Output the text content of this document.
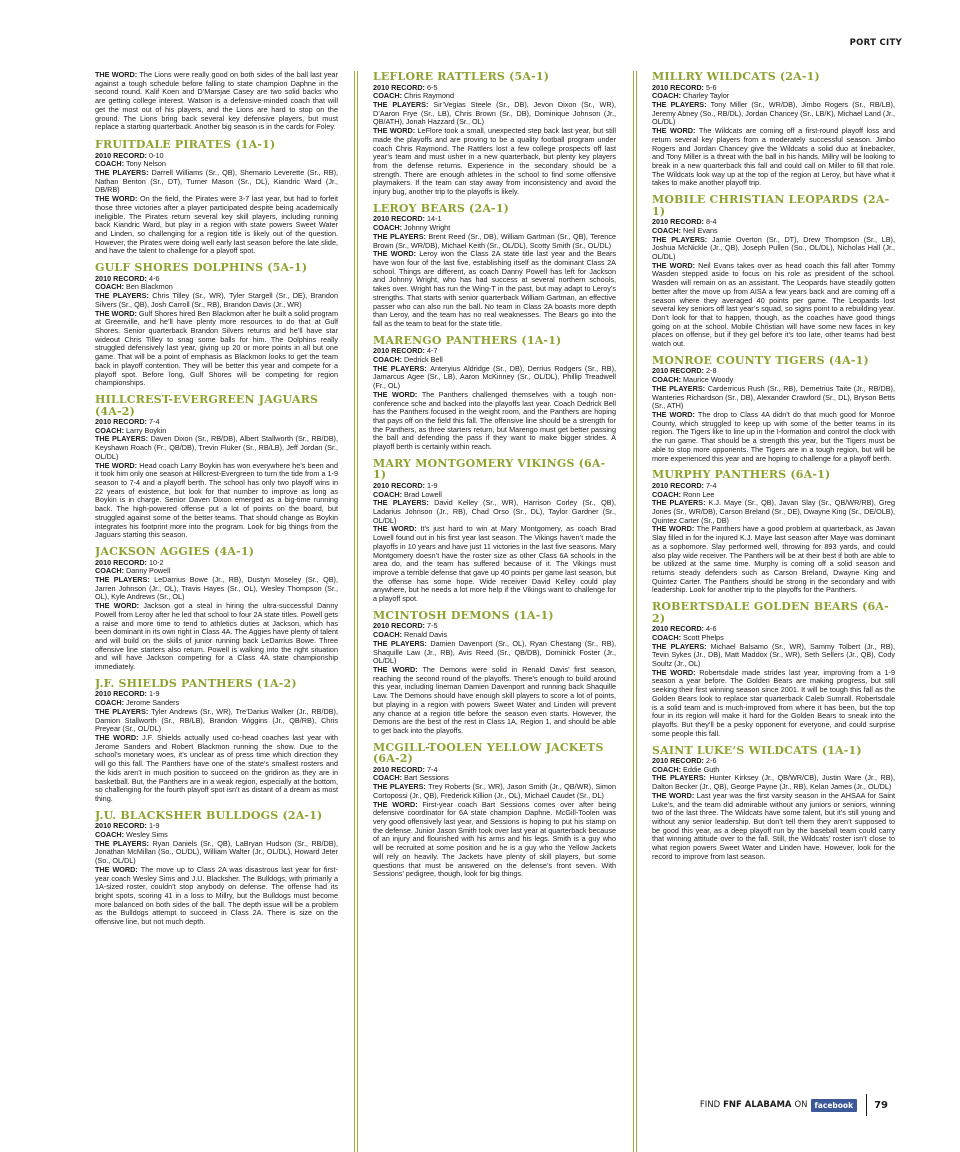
PORT CITY

THE WORD: The Lions were really good on both sides of the ball last year against a tough schedule before falling to state champion Daphne in the second round. Kalif Koen and D’Marsjae Casey are two solid backs who are getting college interest. Watson is a defensive-minded coach that will get the most out of his players, and the Lions are hard to stop on the ground. The Lions bring back several key defensive players, but must replace a starting quarterback. Another big season is in the cards for Foley.

FRUITDALE PIRATES (1A-1)

2010 RECORD: 0-10

COACH: Tony Nelson

THE PLAYERS: Darrell Williams (Sr., QB), Shemario Leverette (Sr., RB), Nathan Benton (Sr., DT), Turner Mason (Sr., DL), Kiandric Ward (Jr., DB/RB)

THE WORD: On the field, the Pirates were 3-7 last year, but had to forfeit those three victories after a player participated despite being academically ineligible. The Pirates return several key skill players, including running back Kiandric Ward, but play in a region with state powers Sweet Water and Linden, so challenging for a region title is likely out of the question. However, the Pirates were doing well early last season before the late slide, and have the talent to challenge for a playoff spot.

GULF SHORES DOLPHINS (5A-1)

2010 RECORD: 4-6

COACH: Ben Blackmon

THE PLAYERS: Chris Tilley (Sr., WR), Tyler Stargell (Sr., DE), Brandon Silvers (Sr., QB), Josh Carroll (Sr., RB), Brandon Davis (Jr., WR)

THE WORD: Gulf Shores hired Ben Blackmon after he built a solid program at Greenville, and he’ll have plenty more resources to do that at Gulf Shores. Senior quarterback Brandon Silvers returns and he’ll have star wideout Chris Tilley to snag some balls for him. The Dolphins really struggled defensively last year, giving up 20 or more points in all but one game. That will be a point of emphasis as Blackmon looks to get the team back in playoff contention. They will be better this year and compete for a playoff spot. Before long, Gulf Shores will be competing for region championships.

HILLCREST-EVERGREEN JAGUARS (4A-2)

2010 RECORD: 7-4

COACH: Larry Boykin

THE PLAYERS: Daven Dixon (Sr., RB/DB), Albert Stallworth (Sr., RB/DB), Keyshawn Roach (Fr., QB/DB), Trevin Fluker (Sr., RB/LB), Jeff Jordan (Sr., OL/DL)

THE WORD: Head coach Larry Boykin has won everywhere he’s been and it took him only one season at Hillcrest-Evergreen to turn the tide from a 1-9 season to 7-4 and a playoff berth. The school has only two playoff wins in 22 years of existence, but look for that number to improve as long as Boykin is in charge. Senior Daven Dixon emerged as a big-time running back. The high-powered offense put a lot of points on the board, but struggled against some of the better teams. That should change as Boykin integrates his footprint more into the program. Look for big things from the Jaguars starting this season.

JACKSON AGGIES (4A-1)

2010 RECORD: 10-2

COACH: Danny Powell

THE PLAYERS: LeDarrius Bowe (Jr., RB), Dustyn Moseley (Sr., QB), Jarren Johnson (Jr., OL), Travis Hayes (Sr., OL), Wesley Thompson (Sr., OL), Kyle Andrews (Sr., OL)

THE WORD: Jackson got a steal in hiring the ultra-successful Danny Powell from Leroy after he led that school to four 2A state titles. Powell gets a raise and more time to tend to athletics duties at Jackson, which has been dominant in its own right in Class 4A. The Aggies have plenty of talent and will build on the skills of junior running back LeDarrius Bowe. Three offensive line starters also return. Powell is walking into the right situation and will have Jackson competing for a Class 4A state championship immediately.

J.F. SHIELDS PANTHERS (1A-2)

2010 RECORD: 1-9

COACH: Jerome Sanders

THE PLAYERS: Tyler Andrews (Sr., WR), Tre’Darius Walker (Jr., RB/DB), Damion Stallworth (Sr., RB/LB), Brandon Wiggins (Jr., QB/RB), Chris Preyear (Sr., OL/DL)

THE WORD: J.F. Shields actually used co-head coaches last year with Jerome Sanders and Robert Blackmon running the show. Due to the school’s monetary woes, it’s unclear as of press time which direction they will go this fall. The Panthers have one of the state’s smallest rosters and the kids aren’t in much position to succeed on the gridiron as they are in basketball. But, the Panthers are in a weak region, especially at the bottom, so challenging for the fourth playoff spot isn’t as distant of a dream as most thing.

J.U. BLACKSHER BULLDOGS (2A-1)

2010 RECORD: 1-9

COACH: Wesley Sims

THE PLAYERS: Ryan Daniels (Sr., QB), LaBryan Hudson (Sr., RB/DB), Jonathan McMillan (So., OL/DL), William Walter (Jr., OL/DL), Howard Jeter (So., OL/DL)

THE WORD: The move up to Class 2A was disastrous last year for first-year coach Wesley Sims and J.U. Blacksher. The Bulldogs, with primarily a 1A-sized roster, couldn’t stop anybody on defense. The offense had its bright spots, scoring 41 in a loss to Millry, but the Bulldogs must become more balanced on both sides of the ball. The depth issue will be a problem as the Bulldogs attempt to succeed in Class 2A. There is size on the offensive line, but not much depth.

LEFLORE RATTLERS (5A-1)

2010 RECORD: 6-5

COACH: Chris Raymond

THE PLAYERS: Sir’Vegias Steele (Sr., DB), Jevon Dixon (Sr., WR), D’Aaron Frye (Sr., LB), Chris Brown (Sr., DB), Dominique Johnson (Jr., QB/ATH), Jonah Hazzard (Sr., OL)

THE WORD: LeFlore took a small, unexpected step back last year, but still made the playoffs and are proving to be a quality football program under coach Chris Raymond. The Rattlers lost a few college prospects off last year’s team and must usher in a new quarterback, but plenty key players from the defense returns. Experience in the secondary should be a strength. There are enough athletes in the school to find some offensive playmakers. If the team can stay away from inconsistency and avoid the injury bug, another trip to the playoffs is likely.

LEROY BEARS (2A-1)

2010 RECORD: 14-1

COACH: Johnny Wright

THE PLAYERS: Brent Reed (Sr., DB), William Gartman (Sr., QB), Terence Brown (Sr., WR/DB), Michael Keith (Sr., OL/DL), Scotty Smith (Sr., OL/DL)

THE WORD: Leroy won the Class 2A state title last year and the Bears have won four of the last five, establishing itself as the dominant Class 2A school. Things are different, as coach Danny Powell has left for Jackson and Johnny Wright, who has had success at several northern schools, takes over. Wright has run the Wing-T in the past, but may adapt to Leroy’s strengths. That starts with senior quarterback William Gartman, an effective passer who can also run the ball. No team in Class 2A boasts more depth than Leroy, and the team has no real weaknesses. The Bears go into the fall as the team to beat for the state title.

MARENGO PANTHERS (1A-1)

2010 RECORD: 4-7

COACH: Dedrick Bell

THE PLAYERS: Anteryius Aldridge (Sr., DB), Derrius Rodgers (Sr., RB), Jamarcus Agee (Sr., LB), Aaron McKinney (Sr., OL/DL), Phillip Treadwell (Fr., OL)

THE WORD: The Panthers challenged themselves with a tough non-conference sche and backed into the playoffs last year. Coach Dedrick Bell has the Panthers focused in the weight room, and the Panthers are hoping that pays off on the field this fall. The offensive line should be a strength for the Panthers, as three starters return, but Marengo must get better passing the ball and defending the pass if they want to make bigger strides. A playoff berth is certainly within reach.

MARY MONTGOMERY VIKINGS (6A-1)

2010 RECORD: 1-9

COACH: Brad Lowell

THE PLAYERS: David Kelley (Sr., WR), Harrison Corley (Sr., QB), Ladarius Johnson (Jr., RB), Chad Orso (Sr., DL), Taylor Gardner (Sr., OL/DL)

THE WORD: It’s just hard to win at Mary Montgomery, as coach Brad Lowell found out in his first year last season. The Vikings haven’t made the playoffs in 10 years and have just 11 victories in the last five seasons. Mary Montgomery doesn’t have the roster size as other Class 6A schools in the area do, and the team has suffered because of it. The Vikings must improve a terrible defense that gave up 40 points per game last season, but the offense has some hope. Wide receiver David Kelley could play anywhere, but he needs a lot more help if the Vikings want to challenge for a playoff spot.

MCINTOSH DEMONS (1A-1)

2010 RECORD: 7-5

COACH: Renald Davis

THE PLAYERS: Damien Davenport (Sr., OL), Ryan Chestang (Sr., RB), Shaquille Law (Jr., RB), Avis Reed (Sr., QB/DB), Dominick Foster (Jr., OL/DL)

THE WORD: The Demons were solid in Renald Davis’ first season, reaching the second round of the playoffs. There’s enough to build around this year, including lineman Damien Davenport and running back Shaquille Law. The Demons should have enough skill players to score a lot of points, but playing in a region with powers Sweet Water and Linden will prevent any chance at a region title before the season even starts. However, the Demons are the best of the rest in Class 1A, Region 1, and should be able to get back into the playoffs.

MCGILL-TOOLEN YELLOW JACKETS (6A-2)

2010 RECORD: 7-4

COACH: Bart Sessions

THE PLAYERS: Trey Roberts (Sr., WR), Jason Smith (Jr., QB/WR), Simon Cortopossi (Jr., QB), Frederick Killion (Jr., OL), Michael Caudet (Sr., DL)

THE WORD: First-year coach Bart Sessions comes over after being defensive coordinator for 6A state champion Daphne. McGill-Toolen was very good offensively last year, and Sessions is hoping to put his stamp on the defense. Junior Jason Smith took over last year at quarterback because of an injury and flourished with his arms and his legs. Smith is a guy who will be recruited at some position and he is a guy who the Yellow Jackets will rely on heavily. The Jackets have plenty of skill players, but some questions that must be answered on the defense’s front seven. With Sessions’ pedigree, though, look for big things.

MILLRY WILDCATS (2A-1)

2010 RECORD: 5-6

COACH: Charley Taylor

THE PLAYERS: Tony Miller (Sr., WR/DB), Jimbo Rogers (Sr., RB/LB), Jeremy Abney (So., RB/DL), Jordan Chancey (Sr., LB/K), Michael Land (Jr., OL/DL)

THE WORD: The Wildcats are coming off a first-round playoff loss and return several key players from a moderately successful season. Jimbo Rogers and Jordan Chancey give the Wildcats a solid duo at linebacker, and Tony Miller is a threat with the ball in his hands. Millry will be looking to break in a new quarterback this fall and could call on Miller to fill that role. The Wildcats look way up at the top of the region at Leroy, but have what it takes to make another playoff trip.

MOBILE CHRISTIAN LEOPARDS (2A-1)

2010 RECORD: 8-4

COACH: Neil Evans

THE PLAYERS: Jamie Overton (Sr., DT), Drew Thompson (Sr., LB), Joshua McNickle (Jr., QB), Joseph Pullen (So., OL/DL), Nicholas Hall (Jr., OL/DL)

THE WORD: Neil Evans takes over as head coach this fall after Tommy Wasden stepped aside to focus on his role as president of the school. Wasden will remain on as an assistant. The Leopards have steadily gotten better after the move up from AISA a few years back and are coming off a season where they averaged 40 points per game. The Leopards lost several key seniors off last year’s squad, so signs point to a rebuilding year. Don’t look for that to happen, though, as the coaches have good things going on at the school. Mobile Christian will have some new faces in key places on offense, but if they gel before it’s too late, other teams had best watch out.

MONROE COUNTY TIGERS (4A-1)

2010 RECORD: 2-8

COACH: Maurice Woody

THE PLAYERS: Carderricus Rush (Sr., RB), Demetrius Taite (Jr., RB/DB), Wanteries Richardson (Sr., DB), Alexander Crawford (Sr., DL), Bryson Betts (Sr., ATH)

THE WORD: The drop to Class 4A didn’t do that much good for Monroe County, which struggled to keep up with some of the better teams in its region. The Tigers like to line up in the I-formation and control the clock with the run game. That should be a strength this year, but the Tigers must be able to stop more opponents. The Tigers are in a tough region, but will be more experienced this year and are hoping to challenge for a playoff berth.

MURPHY PANTHERS (6A-1)

2010 RECORD: 7-4

COACH: Ronn Lee

THE PLAYERS: K.J. Maye (Sr., QB), Javan Slay (Sr., QB/WR/RB), Greg Jones (Sr., WR/DB), Carson Breland (Sr., DE), Dwayne King (Sr., DE/OLB), Quintez Carter (Sr., DB)

THE WORD: The Panthers have a good problem at quarterback, as Javan Slay filled in for the injured K.J. Maye last season after Maye was dominant as a sophomore. Slay performed well, throwing for 893 yards, and could also play wide receiver. The Panthers will be at their best if both are able to be utilized at the same time. Murphy is coming off a solid season and returns steady defenders such as Carson Breland, Dwayne King and Quintez Carter. The Panthers should be strong in the secondary and with leadership. Look for another trip to the playoffs for the Panthers.

ROBERTSDALE GOLDEN BEARS (6A-2)

2010 RECORD: 4-6

COACH: Scott Phelps

THE PLAYERS: Michael Balsamo (Sr., WR), Sammy Tolbert (Jr., RB), Tevin Sykes (Jr., DB), Matt Maddox (Sr., WR), Seth Sellers (Jr., QB), Cody Soultz (Jr., OL)

THE WORD: Robertsdale made strides last year, improving from a 1-9 season a year before. The Golden Bears are making progress, but still seeking their first winning season since 2001. It will be tough this fall as the Golden Bears look to replace star quarterback Caleb Sumrall. Robertsdale is a solid team and is much-improved from where it has been, but the top four in its region will make it hard for the Golden Bears to sneak into the playoffs. But they’ll be a pesky opponent for everyone, and could surprise some people this fall.

SAINT LUKE’S WILDCATS (1A-1)

2010 RECORD: 2-6

COACH: Eddie Guth

THE PLAYERS: Hunter Kirksey (Jr., QB/WR/CB), Justin Ware (Jr., RB), Dalton Becker (Jr., QB), George Payne (Jr., RB), Kelan James (Jr., OL/DL)

THE WORD: Last year was the first varsity season in the AHSAA for Saint Luke’s, and the team did admirable without any juniors or seniors, winning two of the last three. The Wildcats have some talent, but it’s still young and without any senior leadership. But don’t tell them they aren’t supposed to be good this year, as a deep playoff run by the baseball team could carry that winning attitude over to the fall. Still, the Wildcats’ roster isn’t close to what region powers Sweet Water and Linden have. However, look for the record to improve from last season.

FIND FNF ALABAMA ON facebook	79
